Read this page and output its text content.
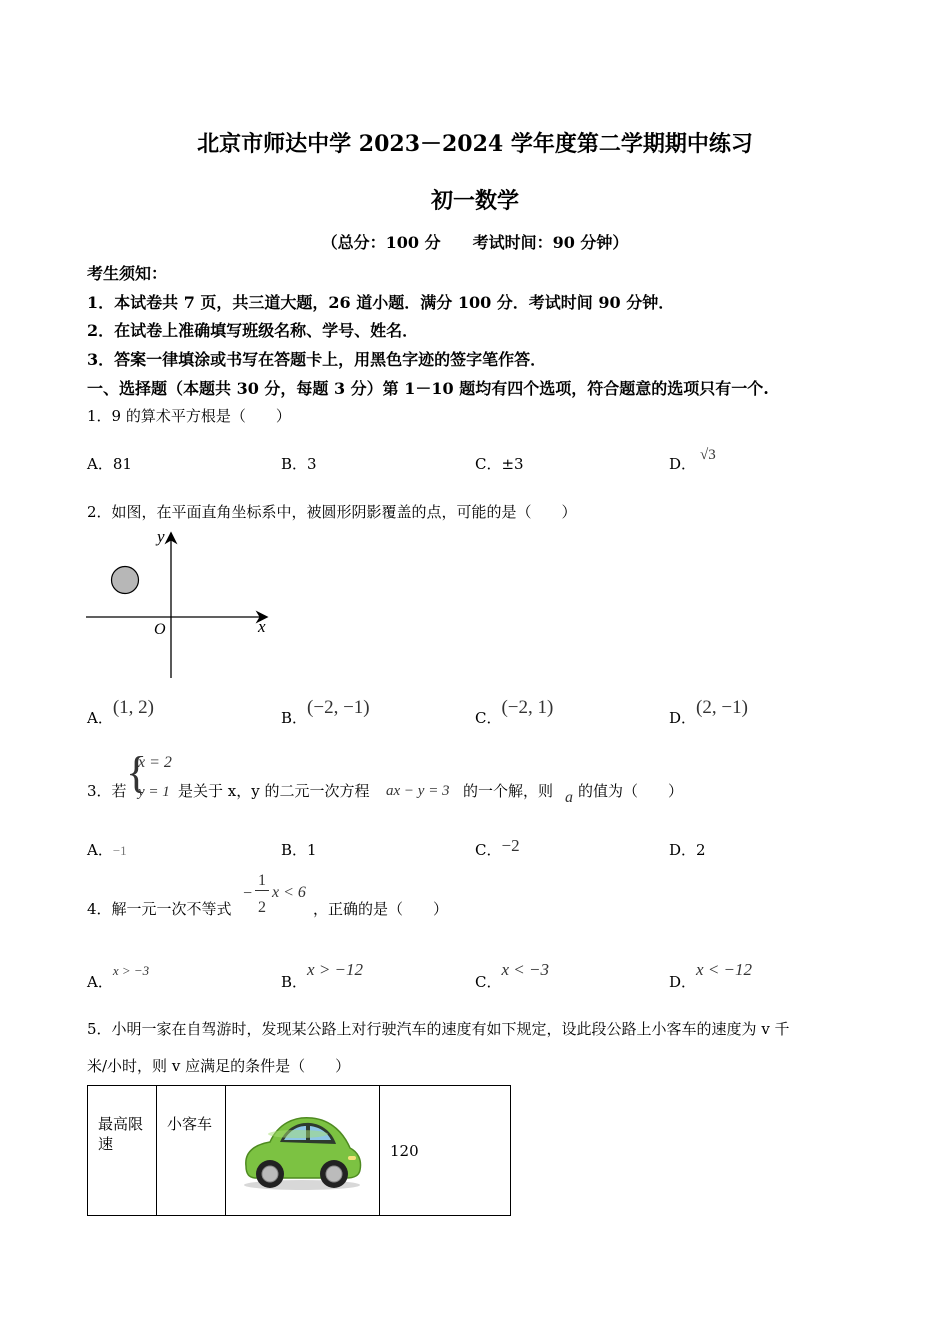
北京市师达中学 2023－2024 学年度第二学期期中练习
初一数学
（总分：100 分　　考试时间：90 分钟）
考生须知：
1．本试卷共 7 页，共三道大题，26 道小题．满分 100 分．考试时间 90 分钟．
2．在试卷上准确填写班级名称、学号、姓名．
3．答案一律填涂或书写在答题卡上，用黑色字迹的签字笔作答．
一、选择题（本题共 30 分，每题 3 分）第 1－10 题均有四个选项，符合题意的选项只有一个.
1．9 的算术平方根是（　　）
A．81	B．3	C．±3	D． √3
2．如图，在平面直角坐标系中，被圆形阴影覆盖的点，可能的是（　　）
y
x
O
A．(1, 2)	B．(−2, −1)	C．(−2, 1)	D．(2, −1)
3．若 {
x = 2
y = 1 是关于 x，y 的二元一次方程 ax − y = 3 的一个解，则 a 的值为（　　）
A．−1	B．1	C．−2	D．2
4．解一元一次不等式
−
1
2
x < 6
，正确的是（　　）
A．x > −3
B．x > −12
C．x < −3
D．x < −12
5．小明一家在自驾游时，发现某公路上对行驶汽车的速度有如下规定，设此段公路上小客车的速度为 v 千
米/小时，则 v 应满足的条件是（　　）
最高限速	小客车		120
